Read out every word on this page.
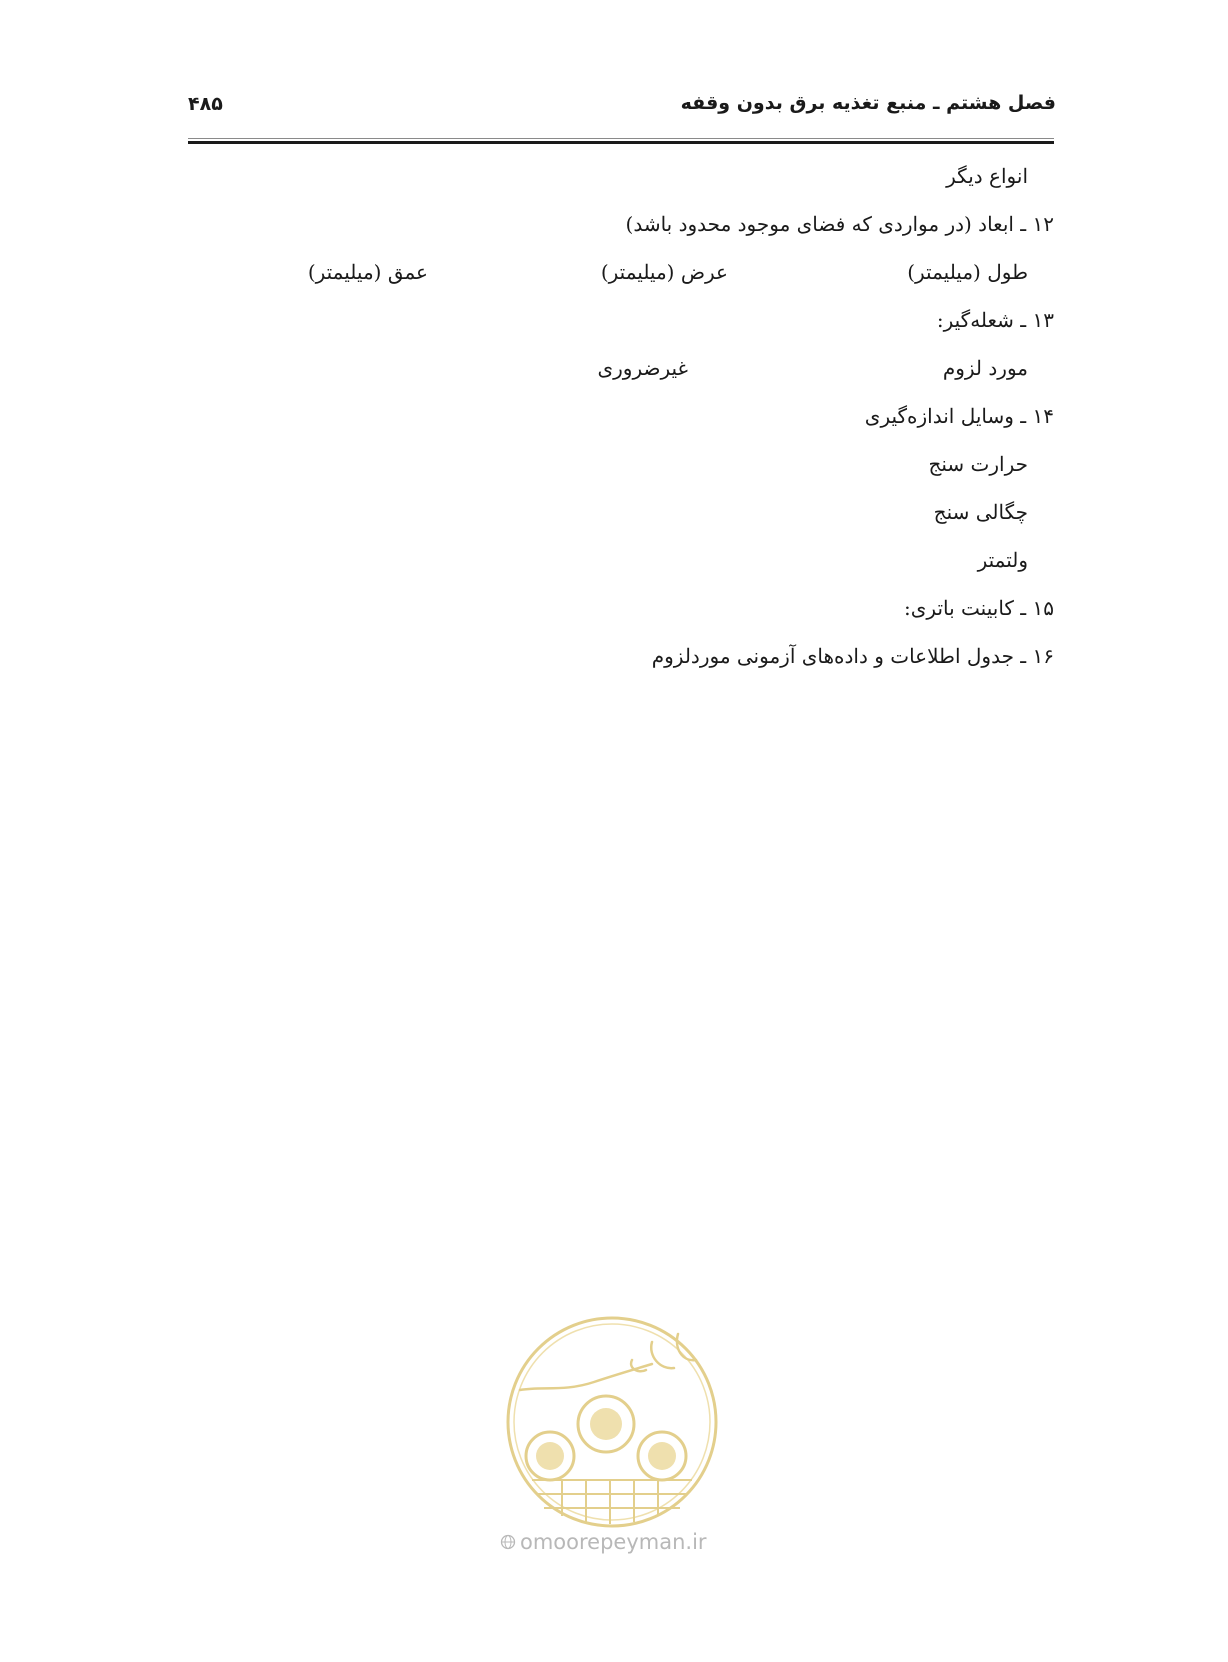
فصل هشتم ـ منبع تغذیه برق بدون وقفه
۴۸۵
انواع دیگر
۱۲ ـ ابعاد (در مواردی که فضای موجود محدود باشد)
طول (میلیمتر)
عرض (میلیمتر)
عمق (میلیمتر)
۱۳ ـ شعله‌گیر:
مورد لزوم
غیرضروری
۱۴ ـ وسایل اندازه‌گیری
حرارت سنج
چگالی سنج
ولتمتر
۱۵ ـ کابینت باتری:
۱۶ ـ جدول اطلاعات و داده‌های آزمونی موردلزوم
omoorepeyman.ir
